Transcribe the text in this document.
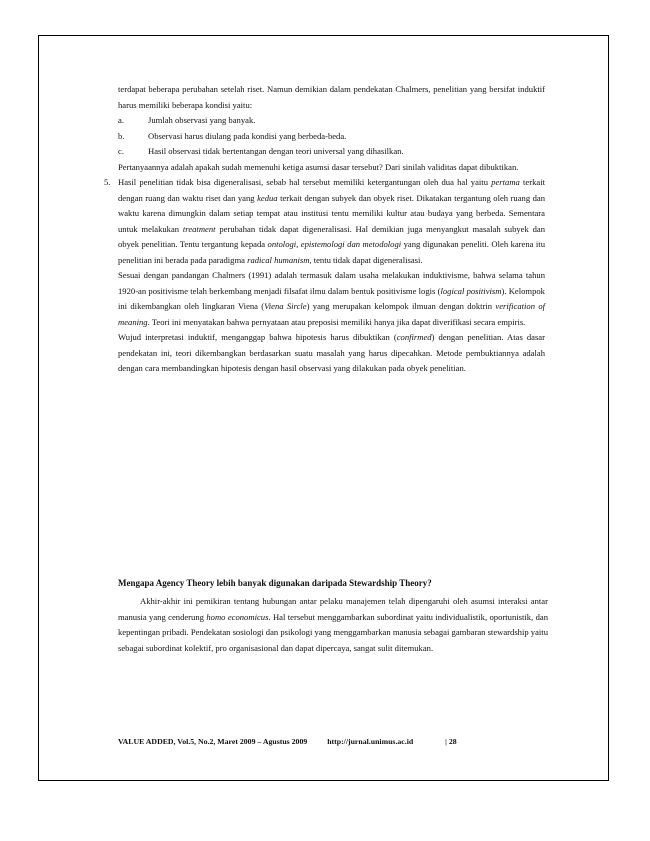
terdapat beberapa perubahan setelah riset. Namun demikian dalam pendekatan Chalmers, penelitian yang bersifat induktif harus memiliki beberapa kondisi yaitu:

a.	Jumlah observasi yang banyak.
b.	Observasi harus diulang pada kondisi yang berbeda-beda.
c.	Hasil observasi tidak bertentangan dengan teori universal yang dihasilkan.

Pertanyaannya adalah apakah sudah memenuhi ketiga asumsi dasar tersebut? Dari sinilah validitas dapat dibuktikan.

5. Hasil penelitian tidak bisa digeneralisasi, sebab hal tersebut memiliki ketergantungan oleh dua hal yaitu pertama terkait dengan ruang dan waktu riset dan yang kedua terkait dengan subyek dan obyek riset. Dikatakan tergantung oleh ruang dan waktu karena dimungkin dalam setiap tempat atau institusi tentu memiliki kultur atau budaya yang berbeda. Sementara untuk melakukan treatment perubahan tidak dapat digeneralisasi. Hal demikian juga menyangkut masalah subyek dan obyek penelitian. Tentu tergantung kepada ontologi, epistemologi dan metodologi yang digunakan peneliti. Oleh karena itu penelitian ini berada pada paradigma radical humanism, tentu tidak dapat digeneralisasi.

Sesuai dengan pandangan Chalmers (1991) adalah termasuk dalam usaha melakukan induktivisme, bahwa selama tahun 1920-an positivisme telah berkembang menjadi filsafat ilmu dalam bentuk positivisme logis (logical positivism). Kelompok ini dikembangkan oleh lingkaran Viena (Viena Sircle) yang merupakan kelompok ilmuan dengan doktrin verification of meaning. Teori ini menyatakan bahwa pernyataan atau preposisi memiliki hanya jika dapat diverifikasi secara empiris.

Wujud interpretasi induktif, menganggap bahwa hipotesis harus dibuktikan (confirmed) dengan penelitian. Atas dasar pendekatan ini, teori dikembangkan berdasarkan suatu masalah yang harus dipecahkan. Metode pembuktiannya adalah dengan cara membandingkan hipotesis dengan hasil observasi yang dilakukan pada obyek penelitian.

Mengapa Agency Theory lebih banyak digunakan daripada Stewardship Theory?

Akhir-akhir ini pemikiran tentang hubungan antar pelaku manajemen telah dipengaruhi oleh asumsi interaksi antar manusia yang cenderung homo economicus. Hal tersebut menggambarkan subordinat yaitu individualistik, oportunistik, dan kepentingan pribadi. Pendekatan sosiologi dan psikologi yang menggambarkan manusia sebagai gambaran stewardship yaitu sebagai subordinat kolektif, pro organisasional dan dapat dipercaya, sangat sulit ditemukan.

VALUE ADDED, Vol.5, No.2, Maret 2009 – Agustus 2009	http://jurnal.unimus.ac.id	| 28
